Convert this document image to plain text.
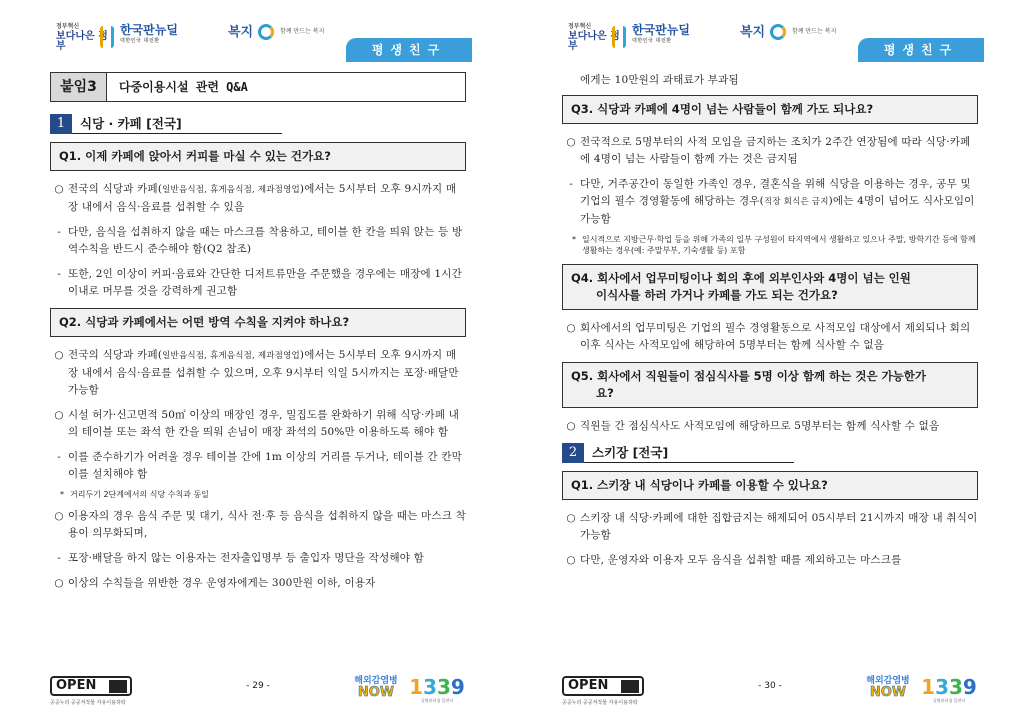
정부혁신
보다나은 정부
한국판뉴딜
대한민국 대전환
복지	함께 만드는 복지
평생친구
붙임3	다중이용시설 관련 Q&A
1	식당 · 카페 [전국]
Q1. 이제 카페에 앉아서 커피를 마실 수 있는 건가요?
○ 전국의 식당과 카페(일반음식점, 휴게음식점, 제과점영업)에서는 5시부터 오후 9시까지 매장 내에서 음식·음료를 섭취할 수 있음
- 다만, 음식을 섭취하지 않을 때는 마스크를 착용하고, 테이블 한 칸을 띄워 앉는 등 방역수칙을 반드시 준수해야 함(Q2 참조)
- 또한, 2인 이상이 커피·음료와 간단한 디저트류만을 주문했을 경우에는 매장에 1시간 이내로 머무를 것을 강력하게 권고함
Q2. 식당과 카페에서는 어떤 방역 수칙을 지켜야 하나요?
○ 전국의 식당과 카페(일반음식점, 휴게음식점, 제과점영업)에서는 5시부터 오후 9시까지 매장 내에서 음식·음료를 섭취할 수 있으며, 오후 9시부터 익일 5시까지는 포장·배달만 가능함
○ 시설 허가·신고면적 50㎡ 이상의 매장인 경우, 밀집도를 완화하기 위해 식당·카페 내의 테이블 또는 좌석 한 칸을 띄워 손님이 매장 좌석의 50%만 이용하도록 해야 함
- 이를 준수하기가 어려울 경우 테이블 간에 1m 이상의 거리를 두거나, 테이블 간 칸막이를 설치해야 함
* 거리두기 2단계에서의 식당 수칙과 동일
○ 이용자의 경우 음식 주문 및 대기, 식사 전·후 등 음식을 섭취하지 않을 때는 마스크 착용이 의무화되며,
- 포장·배달을 하지 않는 이용자는 전자출입명부 등 출입자 명단을 작성해야 함
○ 이상의 수칙들을 위반한 경우 운영자에게는 300만원 이하, 이용자
OPEN
공공누리 공공저작물 자유이용허락
- 29 -	해외감염병
NOW 1339
질병관리청 콜센터
정부혁신
보다나은 정부
한국판뉴딜
대한민국 대전환
복지	함께 만드는 복지
평생친구
에게는 10만원의 과태료가 부과됨
Q3. 식당과 카페에 4명이 넘는 사람들이 함께 가도 되나요?
○ 전국적으로 5명부터의 사적 모임을 금지하는 조치가 2주간 연장됨에 따라 식당·카페에 4명이 넘는 사람들이 함께 가는 것은 금지됨
- 다만, 거주공간이 동일한 가족인 경우, 결혼식을 위해 식당을 이용하는 경우, 공무 및 기업의 필수 경영활동에 해당하는 경우(직장 회식은 금지)에는 4명이 넘어도 식사모임이 가능함
* 일시적으로 지방근무·학업 등을 위해 가족의 일부 구성원이 타지역에서 생활하고 있으나 주말, 방학기간 등에 함께 생활하는 경우(예: 주말부부, 기숙생활 등) 포함
Q4. 회사에서 업무미팅이나 회의 후에 외부인사와 4명이 넘는 인원
이식사를 하러 가거나 카페를 가도 되는 건가요?
○ 회사에서의 업무미팅은 기업의 필수 경영활동으로 사적모임 대상에서 제외되나 회의 이후 식사는 사적모임에 해당하여 5명부터는 함께 식사할 수 없음
Q5. 회사에서 직원들이 점심식사를 5명 이상 함께 하는 것은 가능한가
요?
○ 직원들 간 점심식사도 사적모임에 해당하므로 5명부터는 함께 식사할 수 없음
2	스키장 [전국]
Q1. 스키장 내 식당이나 카페를 이용할 수 있나요?
○ 스키장 내 식당·카페에 대한 집합금지는 해제되어 05시부터 21시까지 매장 내 취식이 가능함
○ 다만, 운영자와 이용자 모두 음식을 섭취할 때를 제외하고는 마스크를
OPEN
공공누리 공공저작물 자유이용허락
- 30 -	해외감염병
NOW 1339
질병관리청 콜센터
